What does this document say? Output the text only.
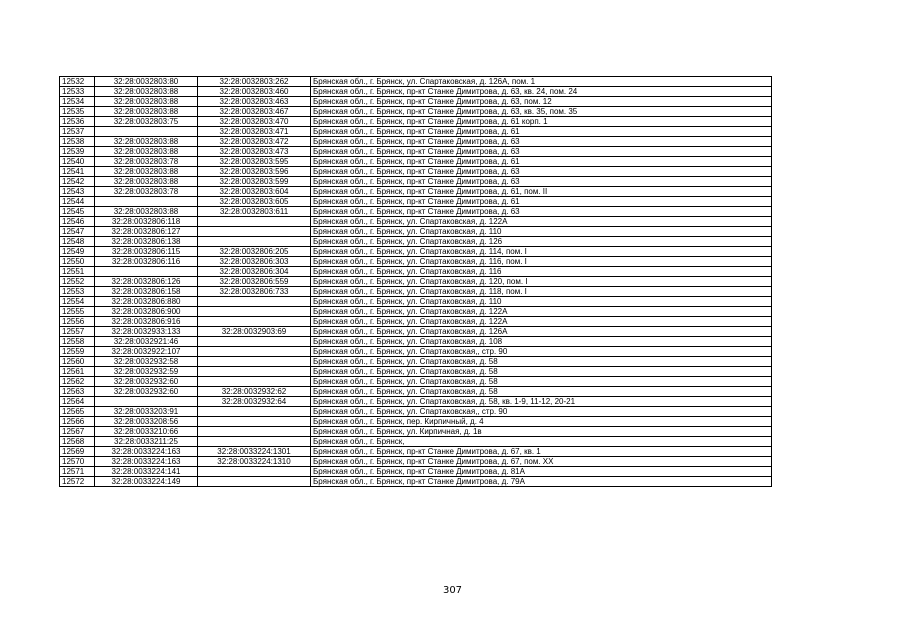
12532	32:28:0032803:80	32:28:0032803:262	Брянская обл., г. Брянск, ул. Спартаковская, д. 126А, пом. 1
12533	32:28:0032803:88	32:28:0032803:460	Брянская обл., г. Брянск, пр-кт Станке Димитрова, д. 63, кв. 24, пом. 24
12534	32:28:0032803:88	32:28:0032803:463	Брянская обл., г. Брянск, пр-кт Станке Димитрова, д. 63, пом. 12
12535	32:28:0032803:88	32:28:0032803:467	Брянская обл., г. Брянск, пр-кт Станке Димитрова, д. 63, кв. 35, пом. 35
12536	32:28:0032803:75	32:28:0032803:470	Брянская обл., г. Брянск, пр-кт Станке Димитрова, д. 61 корп. 1
12537		32:28:0032803:471	Брянская обл., г. Брянск, пр-кт Станке Димитрова, д. 61
12538	32:28:0032803:88	32:28:0032803:472	Брянская обл., г. Брянск, пр-кт Станке Димитрова, д. 63
12539	32:28:0032803:88	32:28:0032803:473	Брянская обл., г. Брянск, пр-кт Станке Димитрова, д. 63
12540	32:28:0032803:78	32:28:0032803:595	Брянская обл., г. Брянск, пр-кт Станке Димитрова, д. 61
12541	32:28:0032803:88	32:28:0032803:596	Брянская обл., г. Брянск, пр-кт Станке Димитрова, д. 63
12542	32:28:0032803:88	32:28:0032803:599	Брянская обл., г. Брянск, пр-кт Станке Димитрова, д. 63
12543	32:28:0032803:78	32:28:0032803:604	Брянская обл., г. Брянск, пр-кт Станке Димитрова, д. 61, пом. II
12544		32:28:0032803:605	Брянская обл., г. Брянск, пр-кт Станке Димитрова, д. 61
12545	32:28:0032803:88	32:28:0032803:611	Брянская обл., г. Брянск, пр-кт Станке Димитрова, д. 63
12546	32:28:0032806:118		Брянская обл., г. Брянск, ул. Спартаковская, д. 122А
12547	32:28:0032806:127		Брянская обл., г. Брянск, ул. Спартаковская, д. 110
12548	32:28:0032806:138		Брянская обл., г. Брянск, ул. Спартаковская, д. 126
12549	32:28:0032806:115	32:28:0032806:205	Брянская обл., г. Брянск, ул. Спартаковская, д. 114, пом. I
12550	32:28:0032806:116	32:28:0032806:303	Брянская обл., г. Брянск, ул. Спартаковская, д. 116, пом. I
12551		32:28:0032806:304	Брянская обл., г. Брянск, ул. Спартаковская, д. 116
12552	32:28:0032806:126	32:28:0032806:559	Брянская обл., г. Брянск, ул. Спартаковская, д. 120, пом. I
12553	32:28:0032806:158	32:28:0032806:733	Брянская обл., г. Брянск, ул. Спартаковская, д. 118, пом. I
12554	32:28:0032806:880		Брянская обл., г. Брянск, ул. Спартаковская, д. 110
12555	32:28:0032806:900		Брянская обл., г. Брянск, ул. Спартаковская, д. 122А
12556	32:28:0032806:916		Брянская обл., г. Брянск, ул. Спартаковская, д. 122А
12557	32:28:0032933:133	32:28:0032903:69	Брянская обл., г. Брянск, ул. Спартаковская, д. 126А
12558	32:28:0032921:46		Брянская обл., г. Брянск, ул. Спартаковская, д. 108
12559	32:28:0032922:107		Брянская обл., г. Брянск, ул. Спартаковская,, стр. 90
12560	32:28:0032932:58		Брянская обл., г. Брянск, ул. Спартаковская, д. 58
12561	32:28:0032932:59		Брянская обл., г. Брянск, ул. Спартаковская, д. 58
12562	32:28:0032932:60		Брянская обл., г. Брянск, ул. Спартаковская, д. 58
12563	32:28:0032932:60	32:28:0032932:62	Брянская обл., г. Брянск, ул. Спартаковская, д. 58
12564		32:28:0032932:64	Брянская обл., г. Брянск, ул. Спартаковская, д. 58, кв. 1-9, 11-12, 20-21
12565	32:28:0033203:91		Брянская обл., г. Брянск, ул. Спартаковская,, стр. 90
12566	32:28:0033208:56		Брянская обл., г. Брянск, пер. Кирпичный, д. 4
12567	32:28:0033210:66		Брянская обл., г. Брянск, ул. Кирпичная, д. 1в
12568	32:28:0033211:25		Брянская обл., г. Брянск,
12569	32:28:0033224:163	32:28:0033224:1301	Брянская обл., г. Брянск, пр-кт Станке Димитрова, д. 67, кв. 1
12570	32:28:0033224:163	32:28:0033224:1310	Брянская обл., г. Брянск, пр-кт Станке Димитрова, д. 67, пом. XX
12571	32:28:0033224:141		Брянская обл., г. Брянск, пр-кт Станке Димитрова, д. 81А
12572	32:28:0033224:149		Брянская обл., г. Брянск, пр-кт Станке Димитрова, д. 79А
307
